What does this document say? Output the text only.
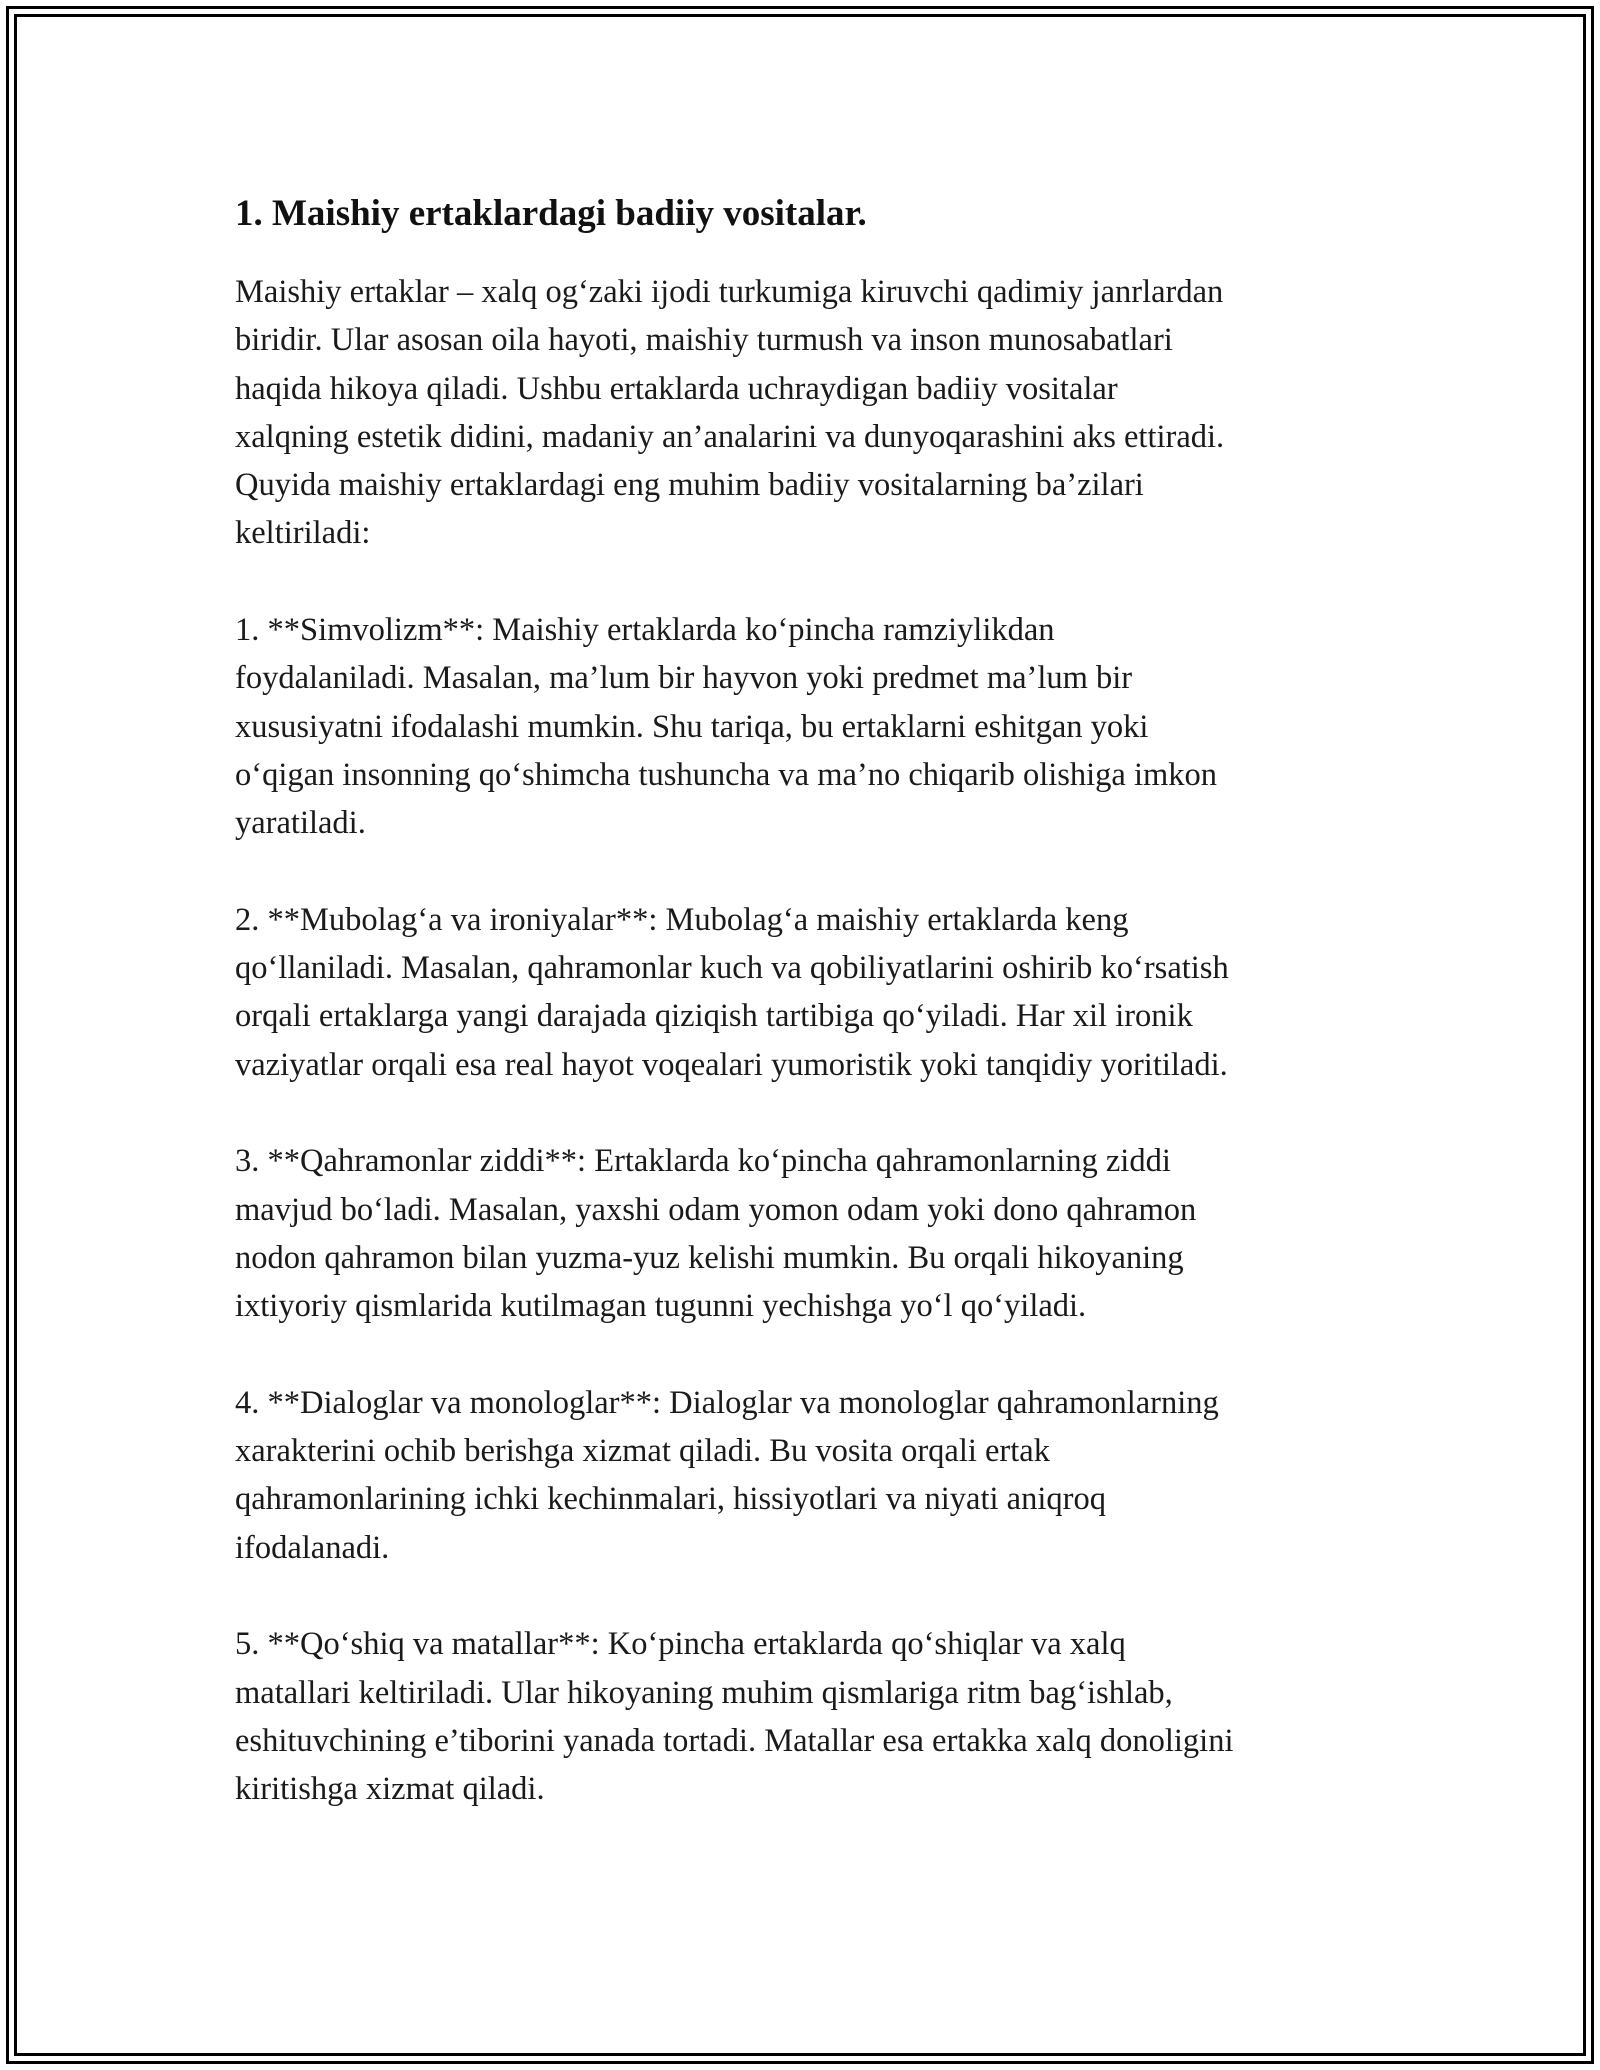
1. Maishiy ertaklardagi badiiy vositalar.
Maishiy ertaklar – xalq og‘zaki ijodi turkumiga kiruvchi qadimiy janrlardan
biridir. Ular asosan oila hayoti, maishiy turmush va inson munosabatlari
haqida hikoya qiladi. Ushbu ertaklarda uchraydigan badiiy vositalar
xalqning estetik didini, madaniy an’analarini va dunyoqarashini aks ettiradi.
Quyida maishiy ertaklardagi eng muhim badiiy vositalarning ba’zilari
keltiriladi:
1. **Simvolizm**: Maishiy ertaklarda ko‘pincha ramziylikdan
foydalaniladi. Masalan, ma’lum bir hayvon yoki predmet ma’lum bir
xususiyatni ifodalashi mumkin. Shu tariqa, bu ertaklarni eshitgan yoki
o‘qigan insonning qo‘shimcha tushuncha va ma’no chiqarib olishiga imkon
yaratiladi.
2. **Mubolag‘a va ironiyalar**: Mubolag‘a maishiy ertaklarda keng
qo‘llaniladi. Masalan, qahramonlar kuch va qobiliyatlarini oshirib ko‘rsatish
orqali ertaklarga yangi darajada qiziqish tartibiga qo‘yiladi. Har xil ironik
vaziyatlar orqali esa real hayot voqealari yumoristik yoki tanqidiy yoritiladi.
3. **Qahramonlar ziddi**: Ertaklarda ko‘pincha qahramonlarning ziddi
mavjud bo‘ladi. Masalan, yaxshi odam yomon odam yoki dono qahramon
nodon qahramon bilan yuzma-yuz kelishi mumkin. Bu orqali hikoyaning
ixtiyoriy qismlarida kutilmagan tugunni yechishga yo‘l qo‘yiladi.
4. **Dialoglar va monologlar**: Dialoglar va monologlar qahramonlarning
xarakterini ochib berishga xizmat qiladi. Bu vosita orqali ertak
qahramonlarining ichki kechinmalari, hissiyotlari va niyati aniqroq
ifodalanadi.
5. **Qo‘shiq va matallar**: Ko‘pincha ertaklarda qo‘shiqlar va xalq
matallari keltiriladi. Ular hikoyaning muhim qismlariga ritm bag‘ishlab,
eshituvchining e’tiborini yanada tortadi. Matallar esa ertakka xalq donoligini
kiritishga xizmat qiladi.
